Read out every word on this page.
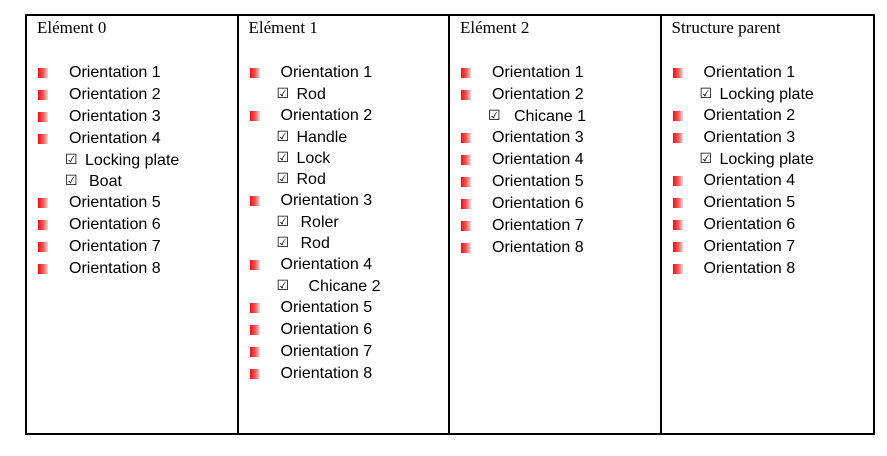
Elément 0
Orientation 1
Orientation 2
Orientation 3
Orientation 4
☑ Locking plate
☑ Boat
Orientation 5
Orientation 6
Orientation 7
Orientation 8
Elément 1
Orientation 1
☑ Rod
Orientation 2
☑ Handle
☑ Lock
☑ Rod
Orientation 3
☑ Roler
☑ Rod
Orientation 4
☑ Chicane 2
Orientation 5
Orientation 6
Orientation 7
Orientation 8
Elément 2
Orientation 1
Orientation 2
☑ Chicane 1
Orientation 3
Orientation 4
Orientation 5
Orientation 6
Orientation 7
Orientation 8
Structure parent
Orientation 1
☑ Locking plate
Orientation 2
Orientation 3
☑ Locking plate
Orientation 4
Orientation 5
Orientation 6
Orientation 7
Orientation 8
